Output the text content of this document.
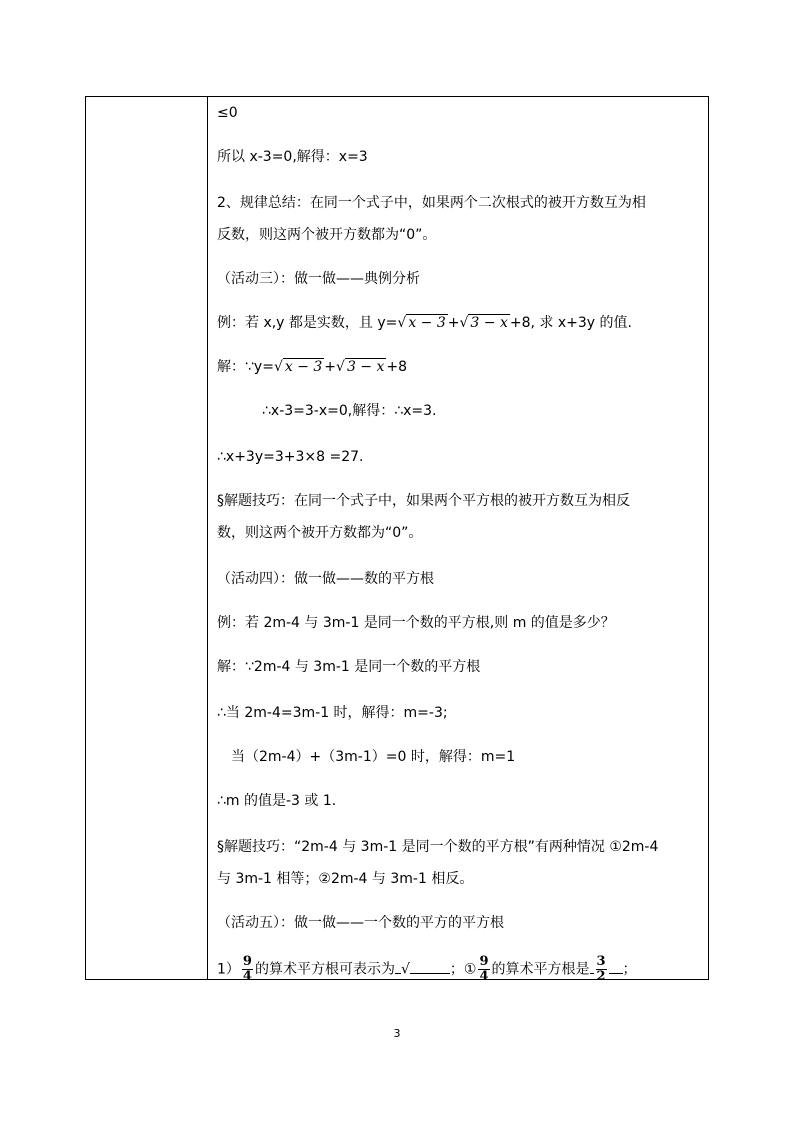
≤0
所以 x-3=0,解得：x=3
2、规律总结：在同一个式子中，如果两个二次根式的被开方数互为相
反数，则这两个被开方数都为“0”。
（活动三）：做一做——典例分析
例：若 x,y 都是实数，且 y=√ x − 3 +√ 3 − x +8, 求 x+3y 的值.
解：∵y=√ x − 3 +√ 3 − x +8
∴x-3=3-x=0,解得：∴x=3.
∴x+3y=3+3×8 =27.
§解题技巧：在同一个式子中，如果两个平方根的被开方数互为相反
数，则这两个被开方数都为“0”。
（活动四）：做一做——数的平方根
例：若 2m-4 与 3m-1 是同一个数的平方根,则 m 的值是多少？
解：∵2m-4 与 3m-1 是同一个数的平方根
∴当 2m-4=3m-1 时，解得：m=-3;
当（2m-4）+（3m-1）=0 时，解得：m=1
∴m 的值是-3 或 1.
§解题技巧：“2m-4 与 3m-1 是同一个数的平方根”有两种情况 ①2m-4
与 3m-1 相等；②2m-4 与 3m-1 相反。
（活动五）：做一做——一个数的平方的平方根
$1) \frac{9}{4}$ 的算术平方根可表示为 √	；① $\frac{9}{4}$ 的算术平方根是 $\frac{3}{2}$ ；
3
